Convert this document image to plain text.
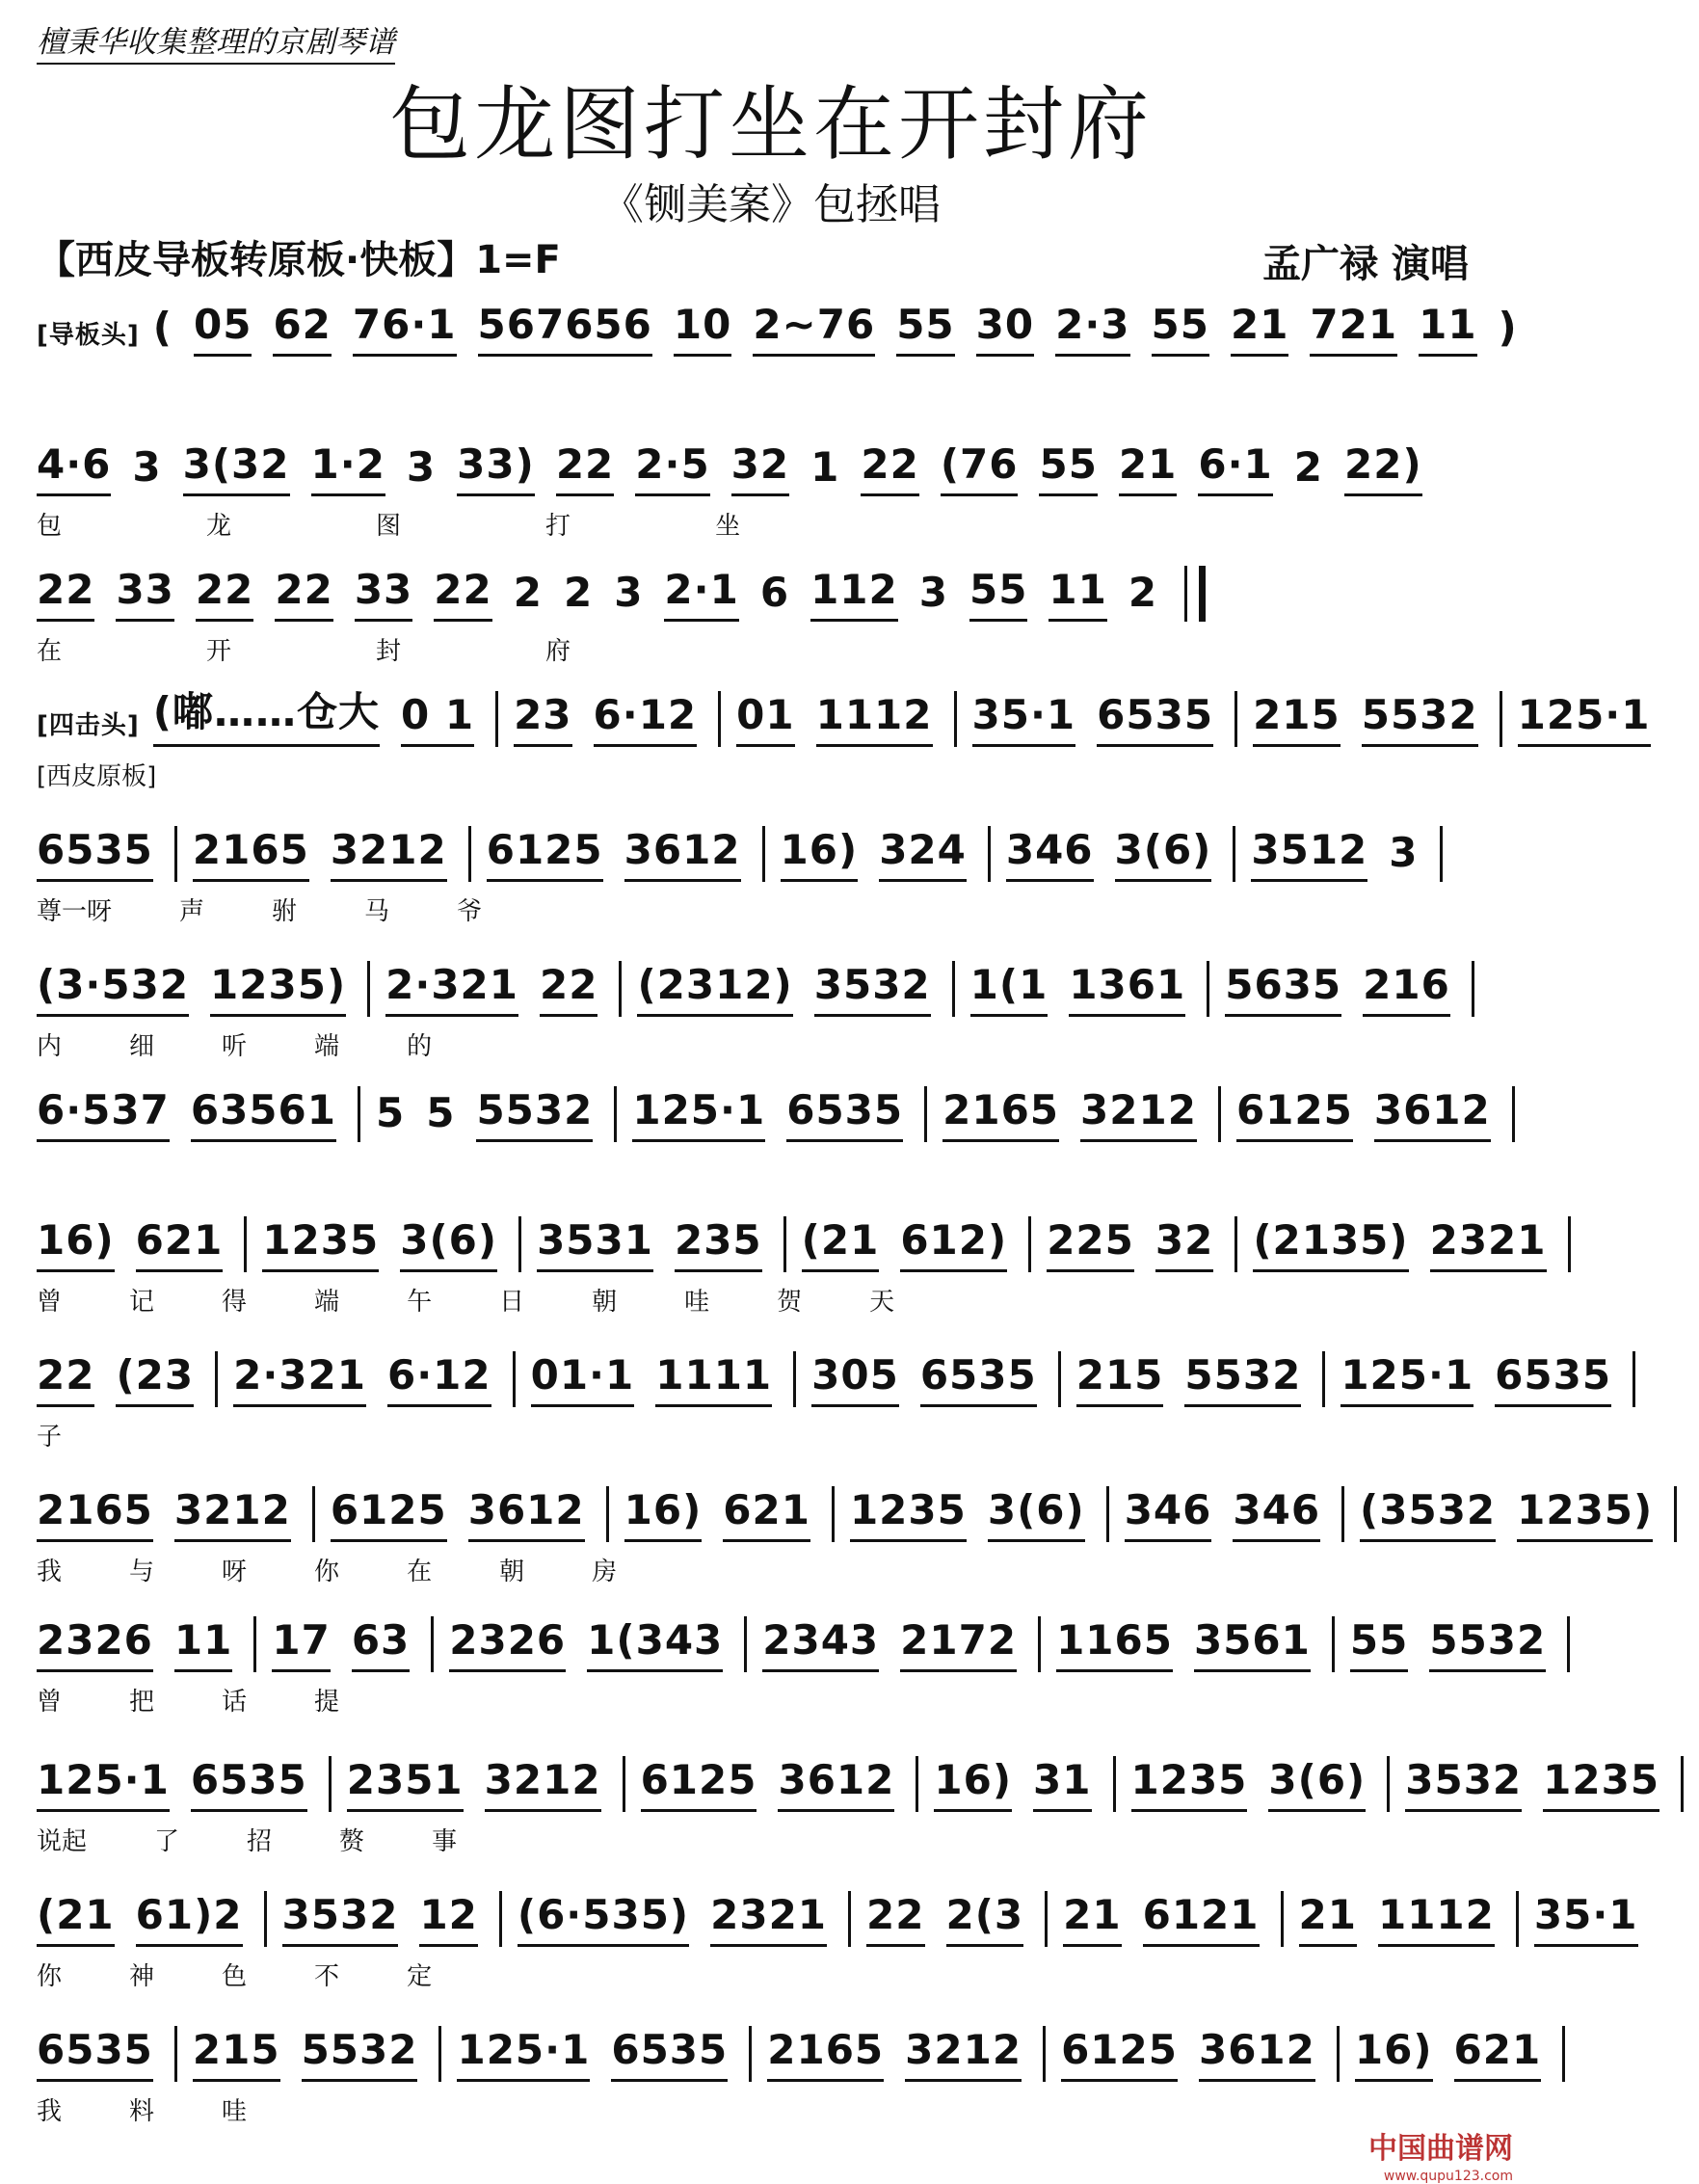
檀秉华收集整理的京剧琴谱
包龙图打坐在开封府
《铡美案》包拯唱
【西皮导板转原板·快板】1=F	孟广禄 演唱
[导板头] ( 05 62 76·1 567656 10 2~76 55 30 2·3 55 21 721 11 )
4·6 3 3(32 1·2 3 33) 22 2·5 32 1 22 (76 55 21 6·1 2 22)
包	龙	图	打	坐
22 33 22 22 33 22 2 2 3 2·1 6 112 3 55 11 2
在	开	封	府
[四击头] (嘟……仓大 0 1 23 6·12 01 1112 35·1 6535 215 5532 125·1
[西皮原板]
6535 2165 3212 6125 3612 16) 324 346 3(6) 3512 3
尊一呀	声	驸	马	爷
(3·532 1235) 2·321 22 (2312) 3532 1(1 1361 5635 216
内	细	听	端	的
6·537 63561 5 5 5532 125·1 6535 2165 3212 6125 3612
16) 621 1235 3(6) 3531 235 (21 612) 225 32 (2135) 2321
曾	记	得	端	午	日	朝	哇	贺	天
22 (23 2·321 6·12 01·1 1111 305 6535 215 5532 125·1 6535
子
2165 3212 6125 3612 16) 621 1235 3(6) 346 346 (3532 1235)
我	与	呀	你	在	朝	房
2326 11 17 63 2326 1(343 2343 2172 1165 3561 55 5532
曾	把	话	提
125·1 6535 2351 3212 6125 3612 16) 31 1235 3(6) 3532 1235
说起	了	招	赘	事
(21 61)2 3532 12 (6·535) 2321 22 2(3 21 6121 21 1112 35·1
你	神	色	不	定
6535 215 5532 125·1 6535 2165 3212 6125 3612 16) 621
我	料	哇
中国曲谱网
www.qupu123.com
